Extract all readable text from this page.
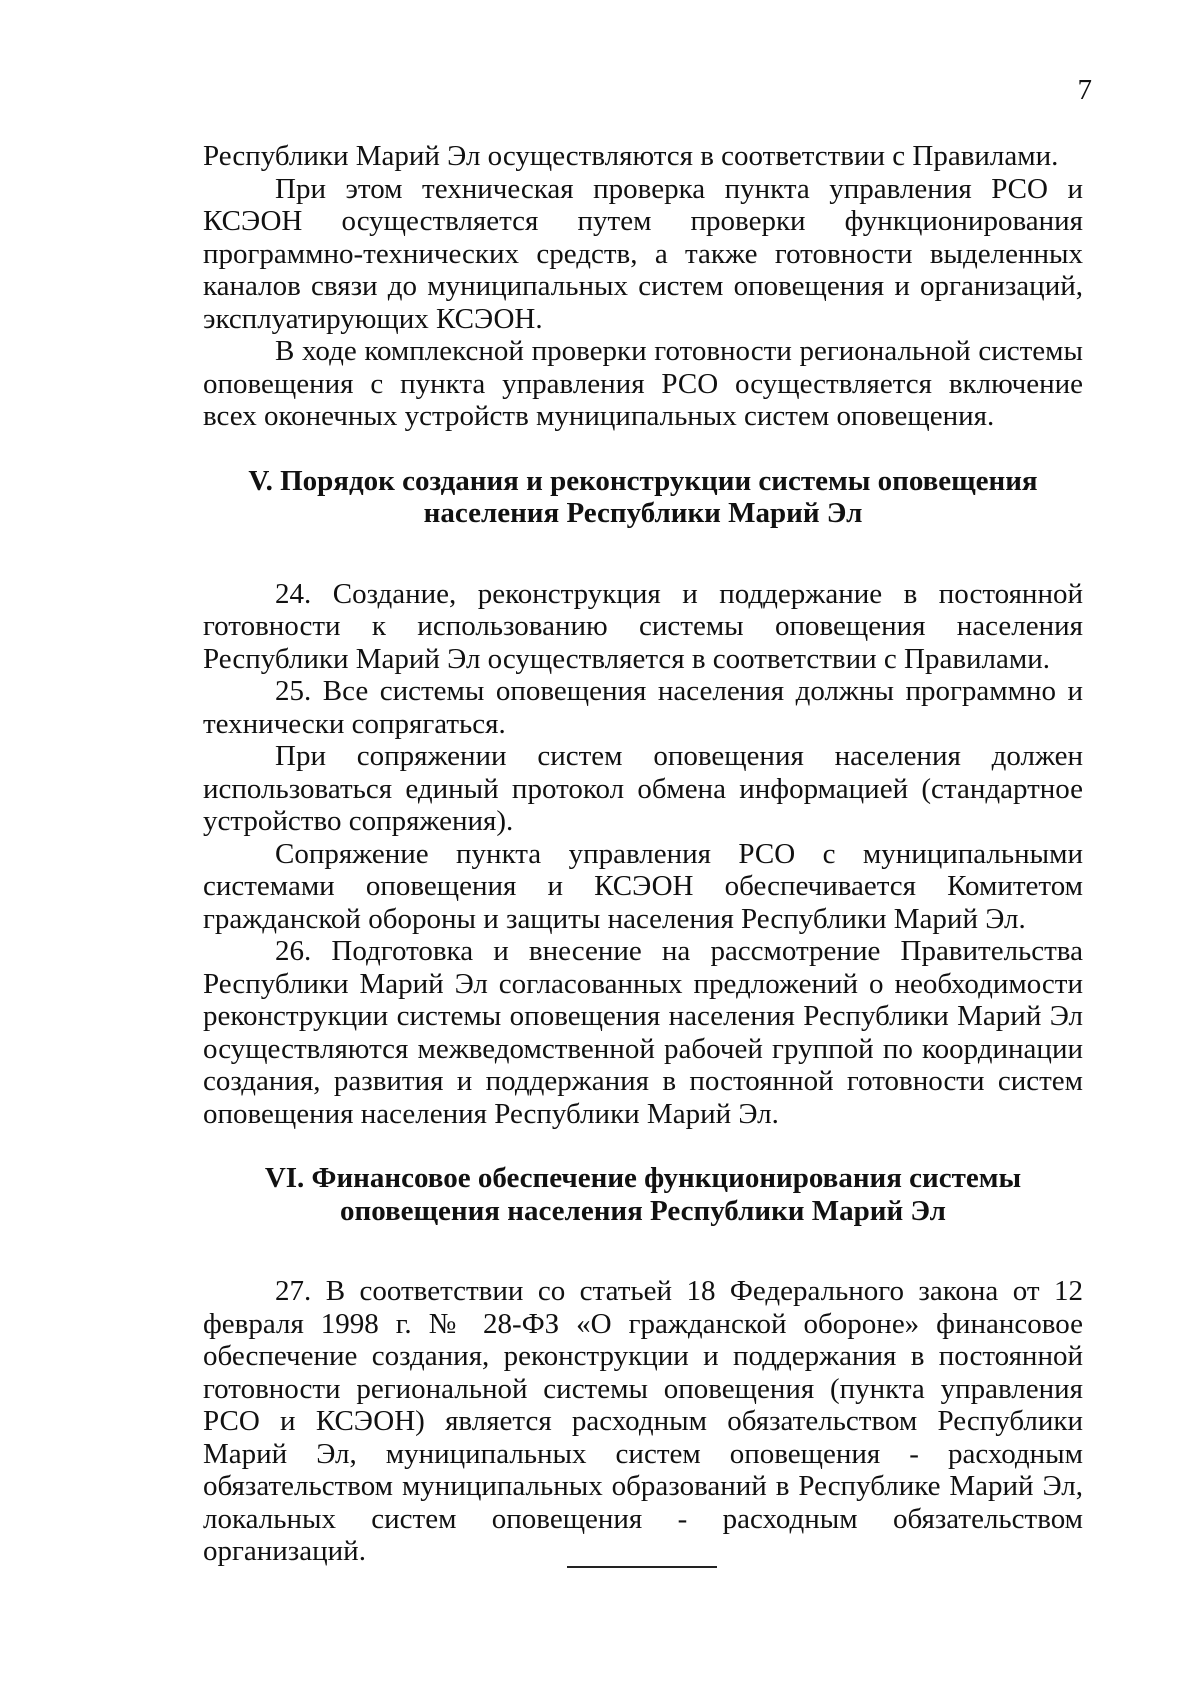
7

Республики Марий Эл осуществляются в соответствии с Правилами.

При этом техническая проверка пункта управления РСО и КСЭОН осуществляется путем проверки функционирования программно-технических средств, а также готовности выделенных каналов связи до муниципальных систем оповещения и организаций, эксплуатирующих КСЭОН.

В ходе комплексной проверки готовности региональной системы оповещения с пункта управления РСО осуществляется включение всех оконечных устройств муниципальных систем оповещения.

V. Порядок создания и реконструкции системы оповещения
населения Республики Марий Эл

24. Создание, реконструкция и поддержание в постоянной готовности к использованию системы оповещения населения Республики Марий Эл осуществляется в соответствии с Правилами.

25. Все системы оповещения населения должны программно и технически сопрягаться.

При сопряжении систем оповещения населения должен использоваться единый протокол обмена информацией (стандартное устройство сопряжения).

Сопряжение пункта управления РСО с муниципальными системами оповещения и КСЭОН обеспечивается Комитетом гражданской обороны и защиты населения Республики Марий Эл.

26. Подготовка и внесение на рассмотрение Правительства Республики Марий Эл согласованных предложений о необходимости реконструкции системы оповещения населения Республики Марий Эл осуществляются межведомственной рабочей группой по координации создания, развития и поддержания в постоянной готовности систем оповещения населения Республики Марий Эл.

VI. Финансовое обеспечение функционирования системы
оповещения населения Республики Марий Эл

27. В соответствии со статьей 18 Федерального закона от 12 февраля 1998 г. № 28-ФЗ «О гражданской обороне» финансовое обеспечение создания, реконструкции и поддержания в постоянной готовности региональной системы оповещения (пункта управления РСО и КСЭОН) является расходным обязательством Республики Марий Эл, муниципальных систем оповещения - расходным обязательством муниципальных образований в Республике Марий Эл, локальных систем оповещения - расходным обязательством организаций.
